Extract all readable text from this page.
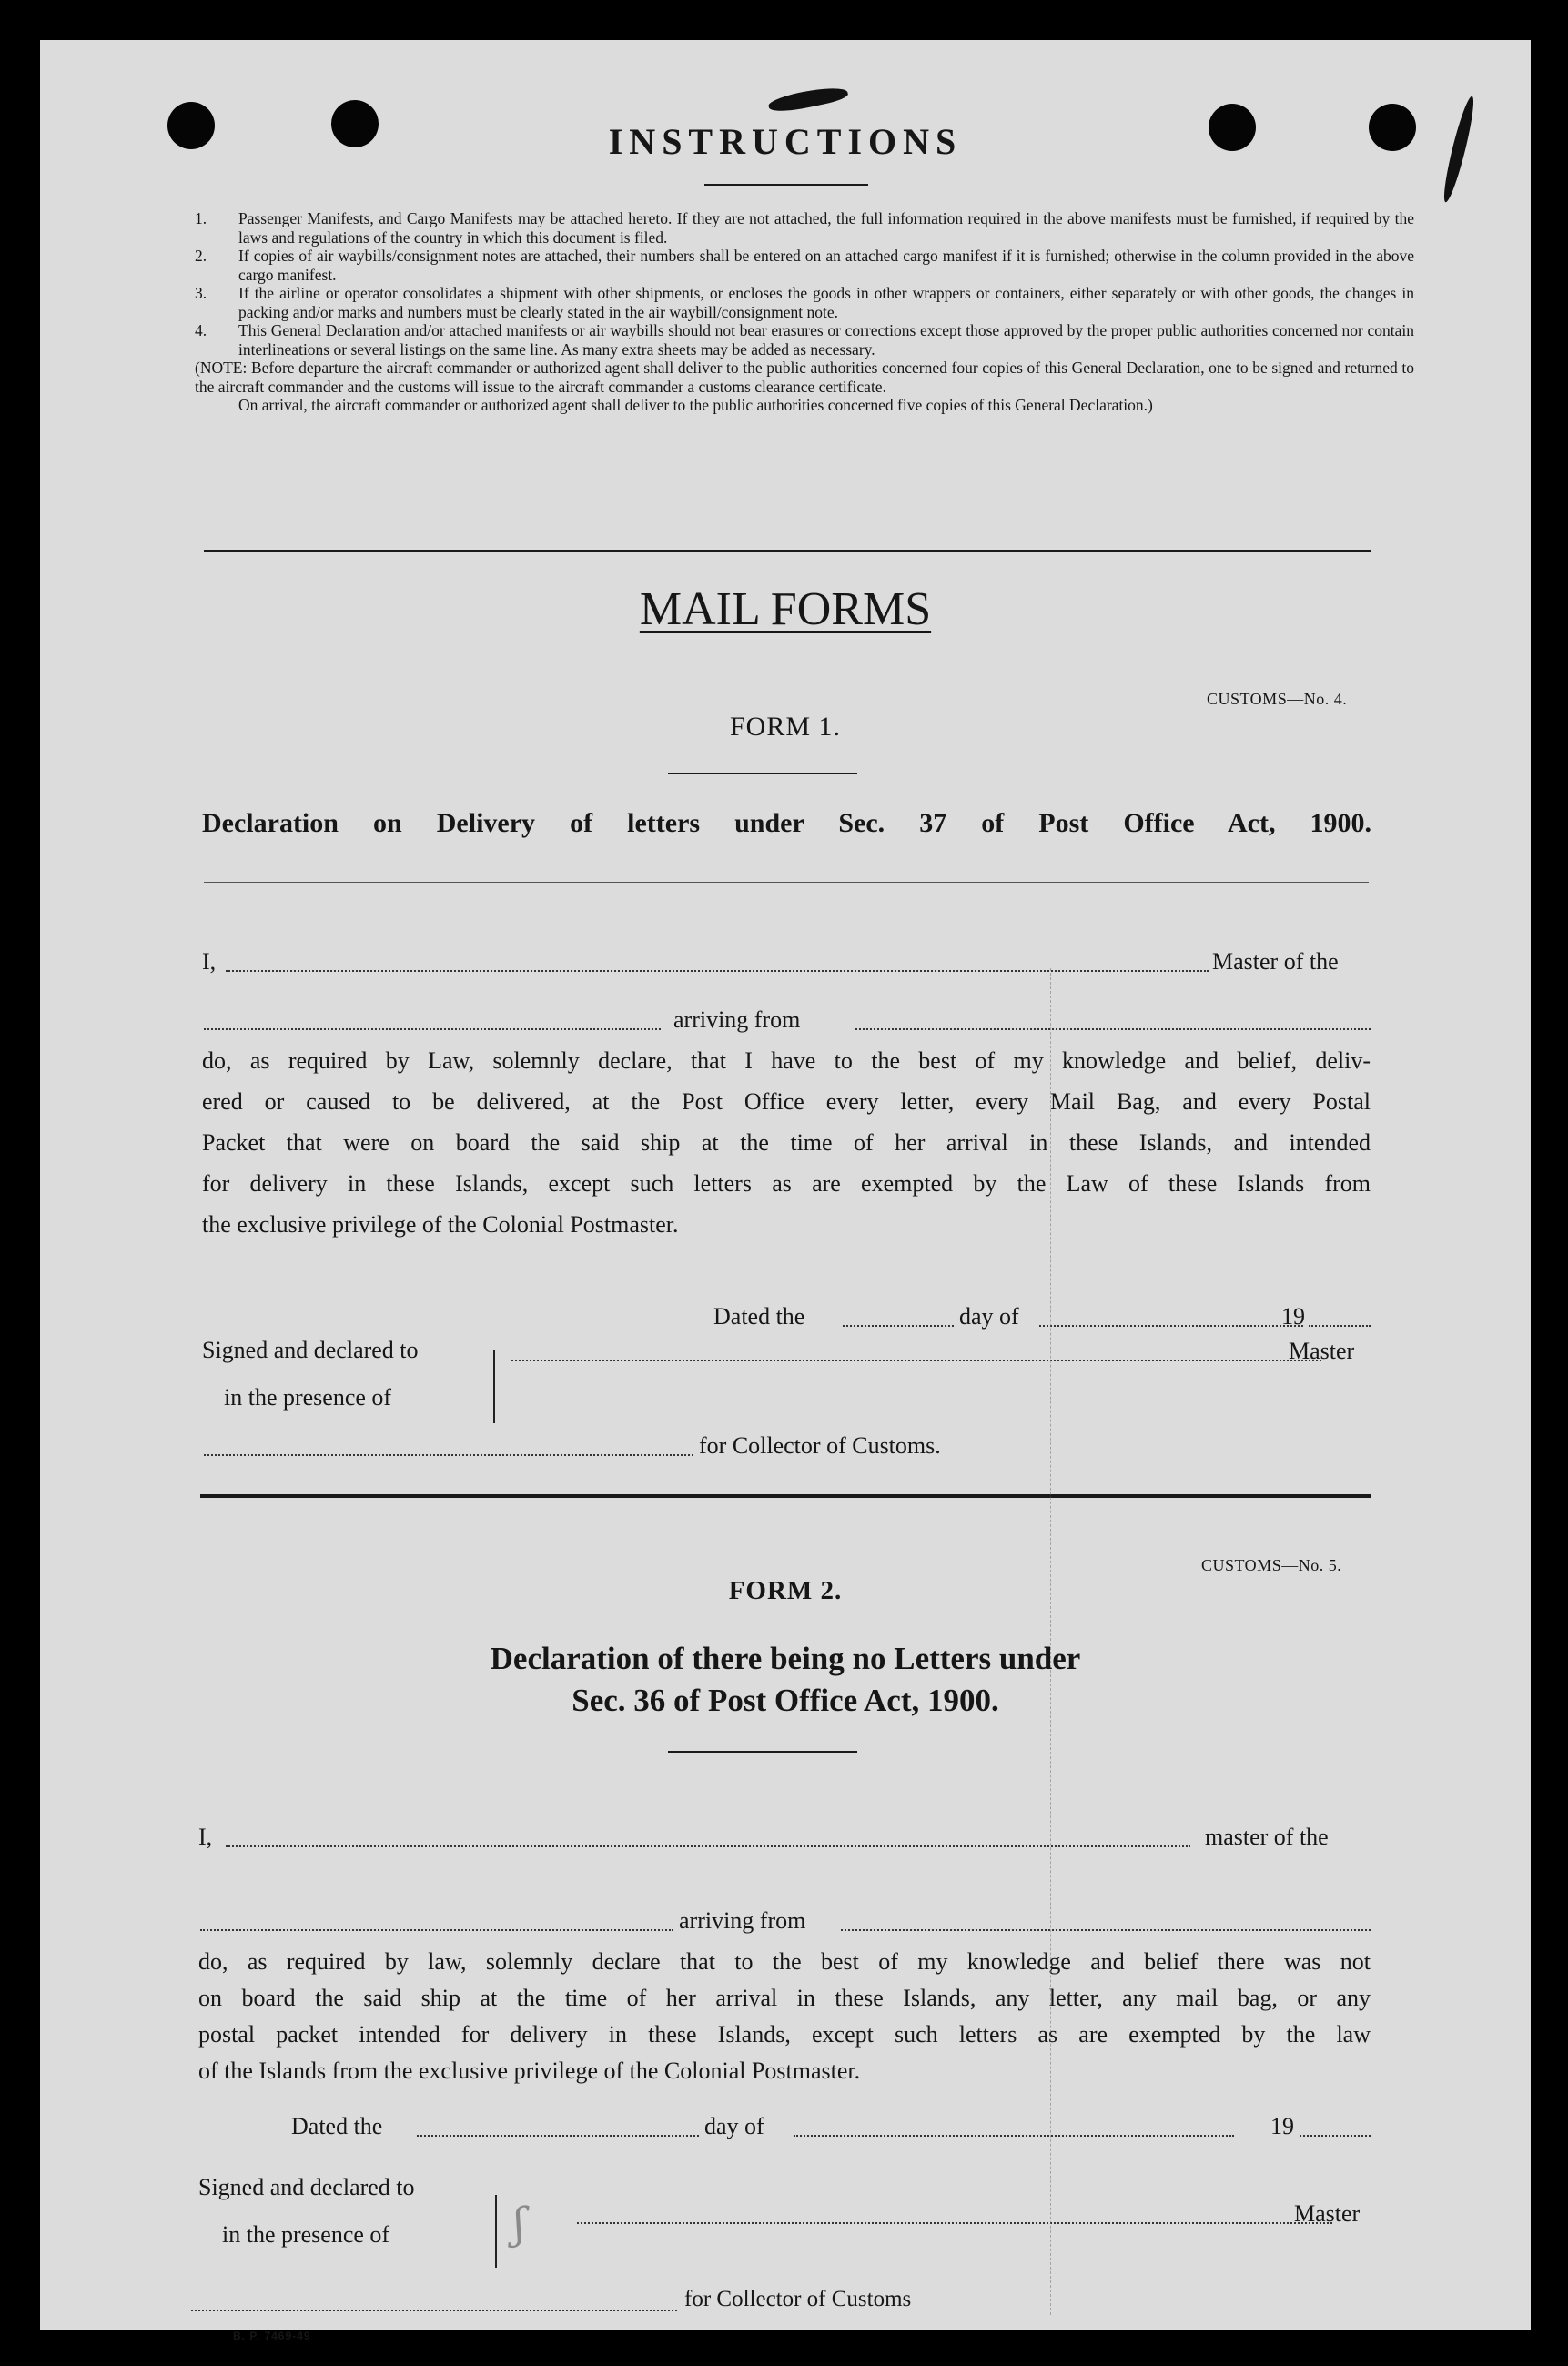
INSTRUCTIONS
1. Passenger Manifests, and Cargo Manifests may be attached hereto. If they are not attached, the full information required in the above manifests must be furnished, if required by the laws and regulations of the country in which this document is filed.
2. If copies of air waybills/consignment notes are attached, their numbers shall be entered on an attached cargo manifest if it is furnished; otherwise in the column provided in the above cargo manifest.
3. If the airline or operator consolidates a shipment with other shipments, or encloses the goods in other wrappers or containers, either separately or with other goods, the changes in packing and/or marks and numbers must be clearly stated in the air waybill/consignment note.
4. This General Declaration and/or attached manifests or air waybills should not bear erasures or corrections except those approved by the proper public authorities concerned nor contain interlineations or several listings on the same line. As many extra sheets may be added as necessary.
(NOTE: Before departure the aircraft commander or authorized agent shall deliver to the public authorities concerned four copies of this General Declaration, one to be signed and returned to the aircraft commander and the customs will issue to the aircraft commander a customs clearance certificate.
On arrival, the aircraft commander or authorized agent shall deliver to the public authorities concerned five copies of this General Declaration.)
MAIL FORMS
CUSTOMS—No. 4.
FORM 1.
Declaration on Delivery of letters under Sec. 37 of Post Office Act, 1900.
I,	Master of the
arriving from
do, as required by Law, solemnly declare, that I have to the best of my knowledge and belief, deliv-
ered or caused to be delivered, at the Post Office every letter, every Mail Bag, and every Postal
Packet that were on board the said ship at the time of her arrival in these Islands, and intended
for delivery in these Islands, except such letters as are exempted by the Law of these Islands from
the exclusive privilege of the Colonial Postmaster.
Dated the	day of	19
Signed and declared to
in the presence of
Master
for Collector of Customs.
CUSTOMS—No. 5.
FORM 2.
Declaration of there being no Letters under
Sec. 36 of Post Office Act, 1900.
I,	master of the
arriving from
do, as required by law, solemnly declare that to the best of my knowledge and belief there was not
on board the said ship at the time of her arrival in these Islands, any letter, any mail bag, or any
postal packet intended for delivery in these Islands, except such letters as are exempted by the law
of the Islands from the exclusive privilege of the Colonial Postmaster.
Dated the	day of	19
Signed and declared to
in the presence of
Master
for Collector of Customs
ʃ
B. P. 7469-49
